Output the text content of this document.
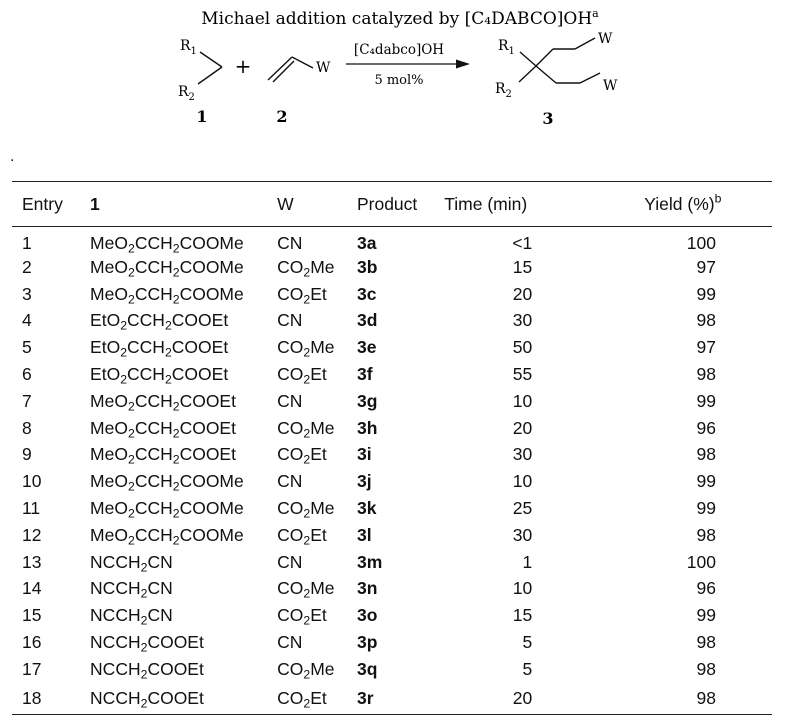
Michael addition catalyzed by $[C_4DABCO]OH^a$
$R_1$
$R_2$
1
+	W
2
[C₄dabco]OH
5 mol%
$R_1$
$R_2$
W
W
3
.
Entry	1	W	Product	Time (min)	Yield (%)$^b$
1	$MeO_2CCH_2COOMe$	CN	3a	<1	100
2	$MeO_2CCH_2COOMe$	$CO_2Me$	3b	15	97
3	$MeO_2CCH_2COOMe$	$CO_2Et$	3c	20	99
4	$EtO_2CCH_2COOEt$	CN	3d	30	98
5	$EtO_2CCH_2COOEt$	$CO_2Me$	3e	50	97
6	$EtO_2CCH_2COOEt$	$CO_2Et$	3f	55	98
7	$MeO_2CCH_2COOEt$	CN	3g	10	99
8	$MeO_2CCH_2COOEt$	$CO_2Me$	3h	20	96
9	$MeO_2CCH_2COOEt$	$CO_2Et$	3i	30	98
10	$MeO_2CCH_2COOMe$	CN	3j	10	99
11	$MeO_2CCH_2COOMe$	$CO_2Me$	3k	25	99
12	$MeO_2CCH_2COOMe$	$CO_2Et$	3l	30	98
13	$NCCH_2CN$	CN	3m	1	100
14	$NCCH_2CN$	$CO_2Me$	3n	10	96
15	$NCCH_2CN$	$CO_2Et$	3o	15	99
16	$NCCH_2COOEt$	CN	3p	5	98
17	$NCCH_2COOEt$	$CO_2Me$	3q	5	98
18	$NCCH_2COOEt$	$CO_2Et$	3r	20	98
